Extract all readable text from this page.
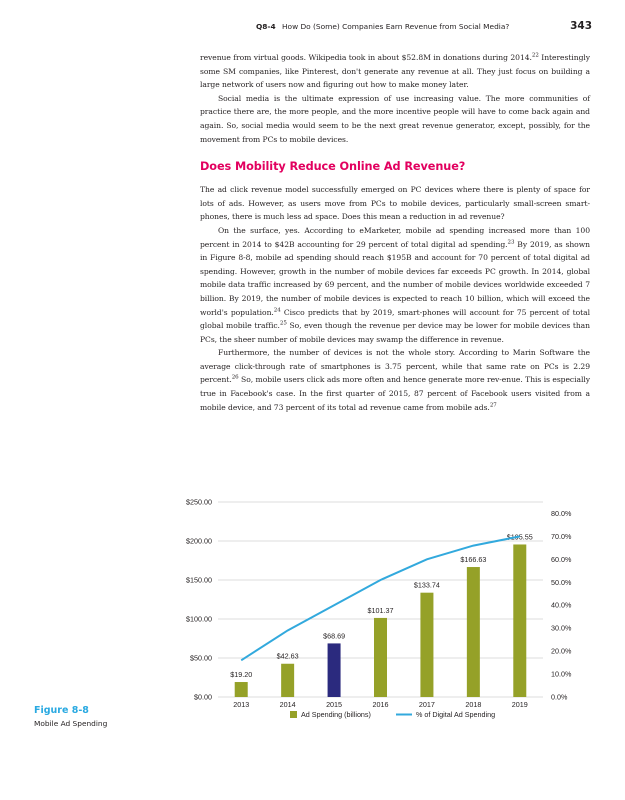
Q8-4 How Do (Some) Companies Earn Revenue from Social Media?	343

revenue from virtual goods. Wikipedia took in about $52.8M in donations during 2014.22 Interestingly some SM companies, like Pinterest, don't generate any revenue at all. They just focus on building a large network of users now and figuring out how to make money later.

Social media is the ultimate expression of use increasing value. The more communities of practice there are, the more people, and the more incentive people will have to come back again and again. So, social media would seem to be the next great revenue generator, except, possibly, for the movement from PCs to mobile devices.

Does Mobility Reduce Online Ad Revenue?

The ad click revenue model successfully emerged on PC devices where there is plenty of space for lots of ads. However, as users move from PCs to mobile devices, particularly small-screen smart-phones, there is much less ad space. Does this mean a reduction in ad revenue?

On the surface, yes. According to eMarketer, mobile ad spending increased more than 100 percent in 2014 to $42B accounting for 29 percent of total digital ad spending.$^{23}$ By 2019, as shown in Figure 8-8, mobile ad spending should reach $195B and account for 70 percent of total digital ad spending. However, growth in the number of mobile devices far exceeds PC growth. In 2014, global mobile data traffic increased by 69 percent, and the number of mobile devices worldwide exceeded 7 billion. By 2019, the number of mobile devices is expected to reach 10 billion, which will exceed the world's population.$^{24}$ Cisco predicts that by 2019, smart-phones will account for 75 percent of total global mobile traffic.$^{25}$ So, even though the revenue per device may be lower for mobile devices than PCs, the sheer number of mobile devices may swamp the difference in revenue.

Furthermore, the number of devices is not the whole story. According to Marin Software the average click-through rate of smartphones is 3.75 percent, while that same rate on PCs is 2.29 percent.$^{26}$ So, mobile users click ads more often and hence generate more rev-enue. This is especially true in Facebook's case. In the first quarter of 2015, 87 percent of Facebook users visited from a mobile device, and 73 percent of its total ad revenue came from mobile ads.$^{27}$

$0.00
$50.00
$100.00
$150.00
$200.00
$250.00
0.0%
10.0%
20.0%
30.0%
40.0%
50.0%
60.0%
70.0%
80.0%
$19.20
$42.63
$68.69
$101.37
$133.74
$166.63
$195.55
2013	2014	2015	2016	2017	2018	2019
Ad Spending (billions)	% of Digital Ad Spending
Figure 8-8
Mobile Ad Spending
